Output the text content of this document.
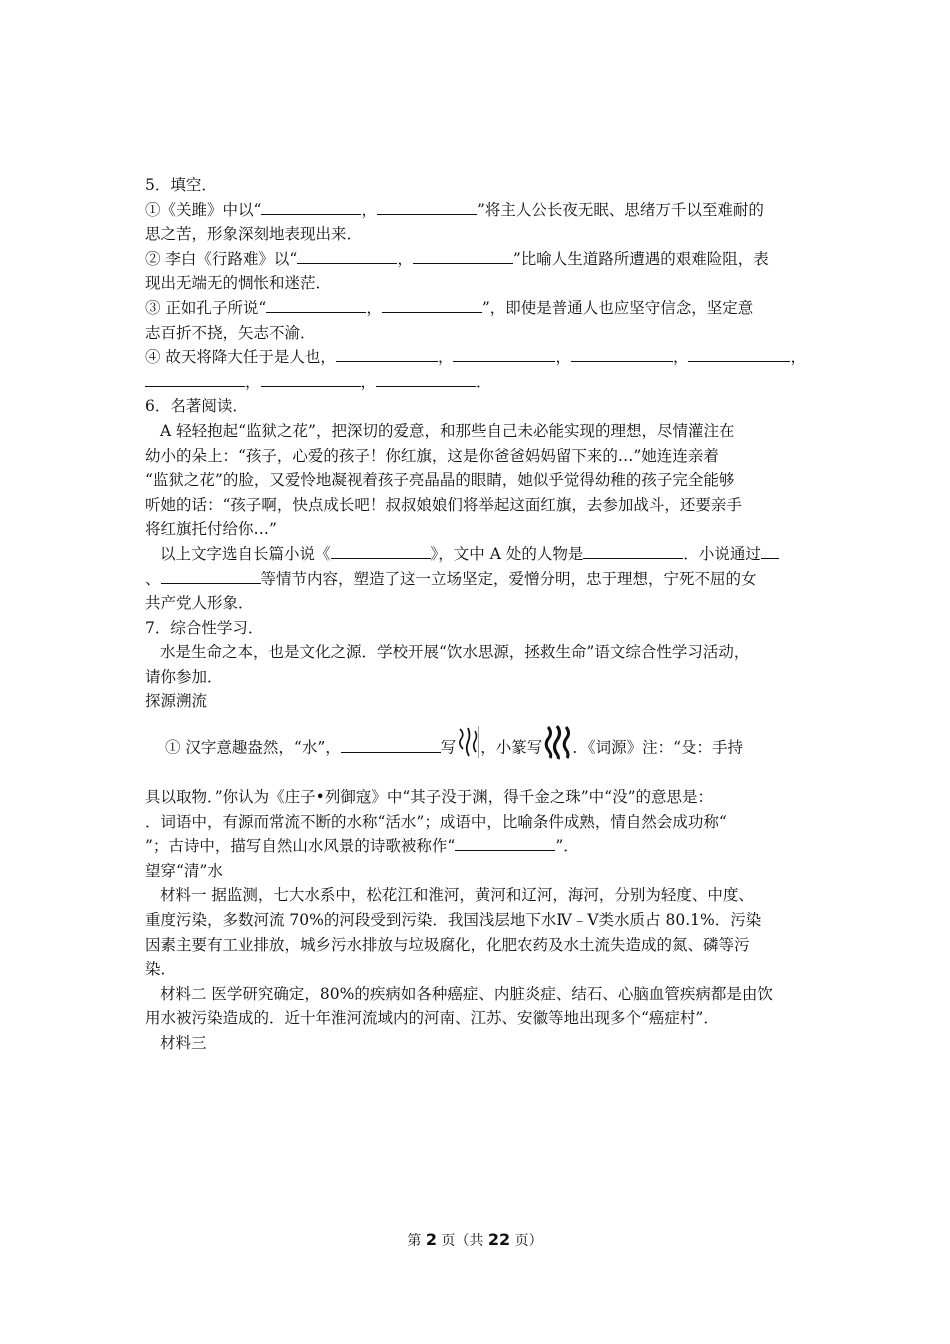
5．填空．
①《关雎》中以“	，	”将主人公长夜无眠、思绪万千以至难耐的
思之苦，形象深刻地表现出来．
② 李白《行路难》以“	，	”比喻人生道路所遭遇的艰难险阻，表
现出无端无的惆怅和迷茫．
③ 正如孔子所说“	，	”，即使是普通人也应坚守信念，坚定意
志百折不挠，矢志不渝．
④ 故天将降大任于是人也，	，	，	，	，
，	，	．
6．名著阅读．
A 轻轻抱起“监狱之花”，把深切的爱意，和那些自己未必能实现的理想，尽情灌注在
幼小的朵上：“孩子，心爱的孩子！你红旗，这是你爸爸妈妈留下来的…”她连连亲着
“监狱之花”的脸，又爱怜地凝视着孩子亮晶晶的眼睛，她似乎觉得幼稚的孩子完全能够
听她的话：“孩子啊，快点成长吧！叔叔娘娘们将举起这面红旗，去参加战斗，还要亲手
将红旗托付给你…”
以上文字选自长篇小说《	》，文中 A 处的人物是	．小说通过
、	等情节内容，塑造了这一立场坚定，爱憎分明，忠于理想，宁死不屈的女
共产党人形象．
7．综合性学习．
水是生命之本，也是文化之源．学校开展“饮水思源，拯救生命”语文综合性学习活动，
请你参加．
探源溯流
① 汉字意趣盎然，“水”，	写 ，小篆写 ．《词源》注：“殳：手持
具以取物．”你认为《庄子•列御寇》中“其子没于渊，得千金之珠”中“没”的意思是：
．词语中，有源而常流不断的水称“活水”；成语中，比喻条件成熟，情自然会成功称“
”；古诗中，描写自然山水风景的诗歌被称作“	”．
望穿“清”水
材料一 据监测，七大水系中，松花江和淮河，黄河和辽河，海河，分别为轻度、中度、
重度污染，多数河流 70%的河段受到污染．我国浅层地下水Ⅳ﹣Ⅴ类水质占 80.1%．污染
因素主要有工业排放，城乡污水排放与垃圾腐化，化肥农药及水土流失造成的氮、磷等污
染．
材料二 医学研究确定，80%的疾病如各种癌症、内脏炎症、结石、心脑血管疾病都是由饮
用水被污染造成的．近十年淮河流域内的河南、江苏、安徽等地出现多个“癌症村”．
材料三
第 2 页（共 22 页）
